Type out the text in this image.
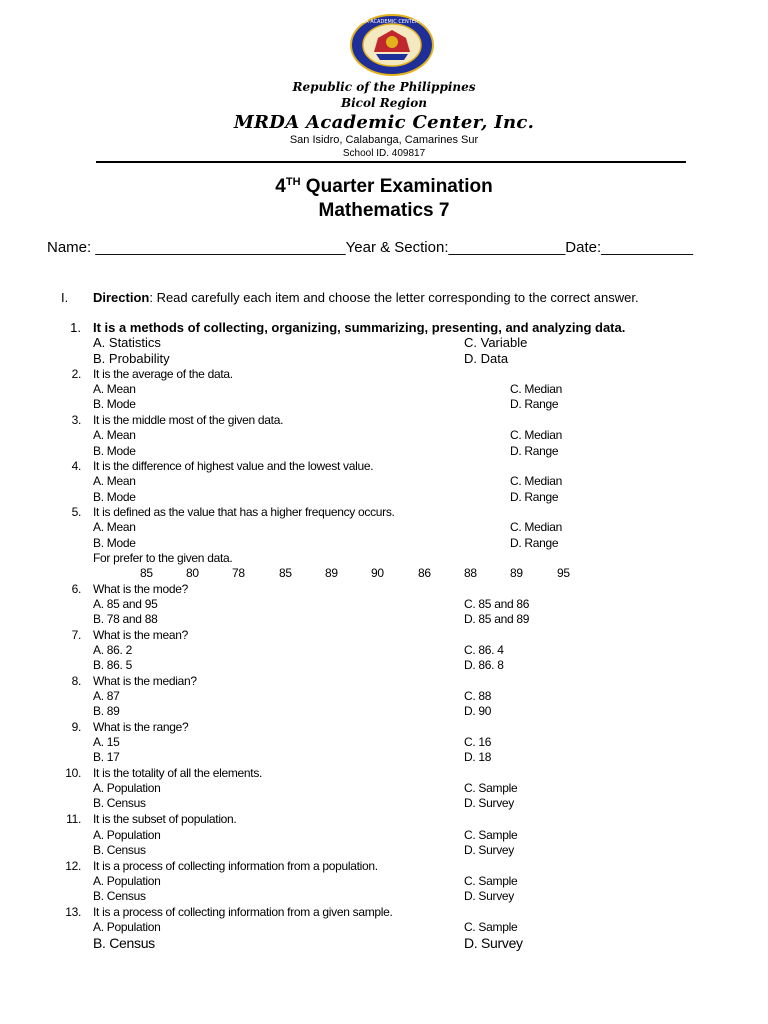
MRDA ACADEMIC CENTER INC.
Republic of the Philippines
Bicol Region
MRDA Academic Center, Inc.
San Isidro, Calabanga, Camarines Sur
School ID. 409817
4TH Quarter Examination
Mathematics 7
Name: ______________________________Year & Section:______________Date:___________
I. Direction: Read carefully each item and choose the letter corresponding to the correct answer.
1. It is a methods of collecting, organizing, summarizing, presenting, and analyzing data.
A. Statistics
B. Probability
C. Variable
D. Data
2. It is the average of the data.
A. Mean
B. Mode
C. Median
D. Range
3. It is the middle most of the given data.
A. Mean
B. Mode
C. Median
D. Range
4. It is the difference of highest value and the lowest value.
A. Mean
B. Mode
C. Median
D. Range
5. It is defined as the value that has a higher frequency occurs.
A. Mean
B. Mode
C. Median
D. Range
For prefer to the given data.
85	80	78	85	89	90	86	88	89	95
6. What is the mode?
A. 85 and 95
B. 78 and 88
C. 85 and 86
D. 85 and 89
7. What is the mean?
A. 86. 2
B. 86. 5
C. 86. 4
D. 86. 8
8. What is the median?
A. 87
B. 89
C. 88
D. 90
9. What is the range?
A. 15
B. 17
C. 16
D. 18
10. It is the totality of all the elements.
A. Population
B. Census
C. Sample
D. Survey
11. It is the subset of population.
A. Population
B. Census
C. Sample
D. Survey
12. It is a process of collecting information from a population.
A. Population
B. Census
C. Sample
D. Survey
13. It is a process of collecting information from a given sample.
A. Population
B. Census
C. Sample
D. Survey
